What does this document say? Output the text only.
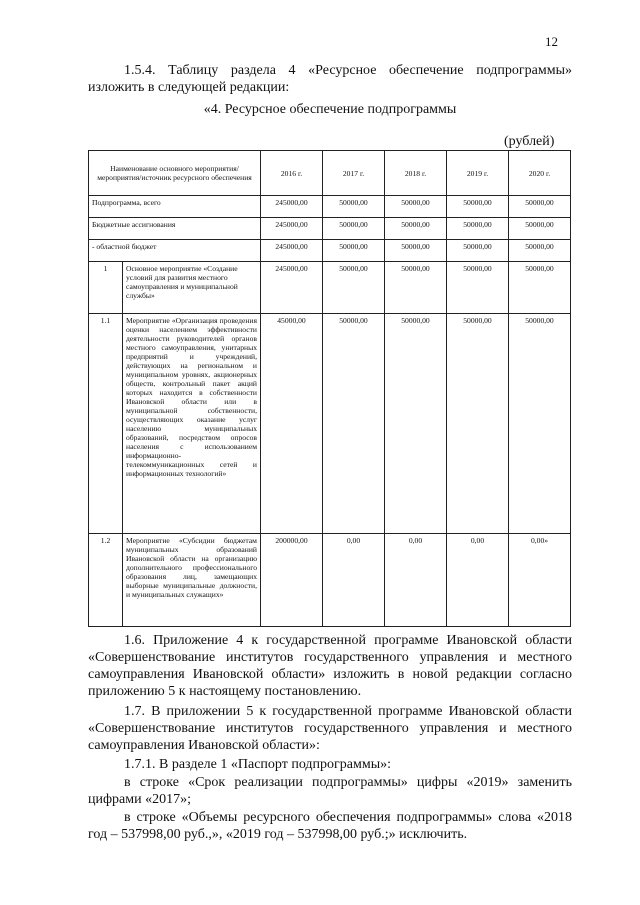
12
1.5.4. Таблицу раздела 4 «Ресурсное обеспечение подпрограммы» изложить в следующей редакции:
«4. Ресурсное обеспечение подпрограммы
(рублей)
Наименование основного мероприятия/мероприятия/источник ресурсного обеспечения		2016 г.	2017 г.	2018 г.	2019 г.	2020 г.
Подпрограмма, всего		245000,00	50000,00	50000,00	50000,00	50000,00
Бюджетные ассигнования		245000,00	50000,00	50000,00	50000,00	50000,00
- областной бюджет		245000,00	50000,00	50000,00	50000,00	50000,00
1	Основное мероприятие «Создание условий для развития местного самоуправления и муниципальной службы»	245000,00	50000,00	50000,00	50000,00	50000,00
1.1	Мероприятие «Организация проведения оценки населением эффективности деятельности руководителей органов местного самоуправления, унитарных предприятий и учреждений, действующих на региональном и муниципальном уровнях, акционерных обществ, контрольный пакет акций которых находится в собственности Ивановской области или в муниципальной собственности, осуществляющих оказание услуг населению муниципальных образований, посредством опросов населения с использованием информационно-телекоммуникационных сетей и информационных технологий»	45000,00	50000,00	50000,00	50000,00	50000,00
1.2	Мероприятие «Субсидии бюджетам муниципальных образований Ивановской области на организацию дополнительного профессионального образования лиц, замещающих выборные муниципальные должности, и муниципальных служащих»	200000,00	0,00	0,00	0,00	0,00»
1.6. Приложение 4 к государственной программе Ивановской области «Совершенствование институтов государственного управления и местного самоуправления Ивановской области» изложить в новой редакции согласно приложению 5 к настоящему постановлению.
1.7. В приложении 5 к государственной программе Ивановской области «Совершенствование институтов государственного управления и местного самоуправления Ивановской области»:
1.7.1. В разделе 1 «Паспорт подпрограммы»:
в строке «Срок реализации подпрограммы» цифры «2019» заменить цифрами «2017»;
в строке «Объемы ресурсного обеспечения подпрограммы» слова «2018 год – 537998,00 руб.,», «2019 год – 537998,00 руб.;» исключить.
